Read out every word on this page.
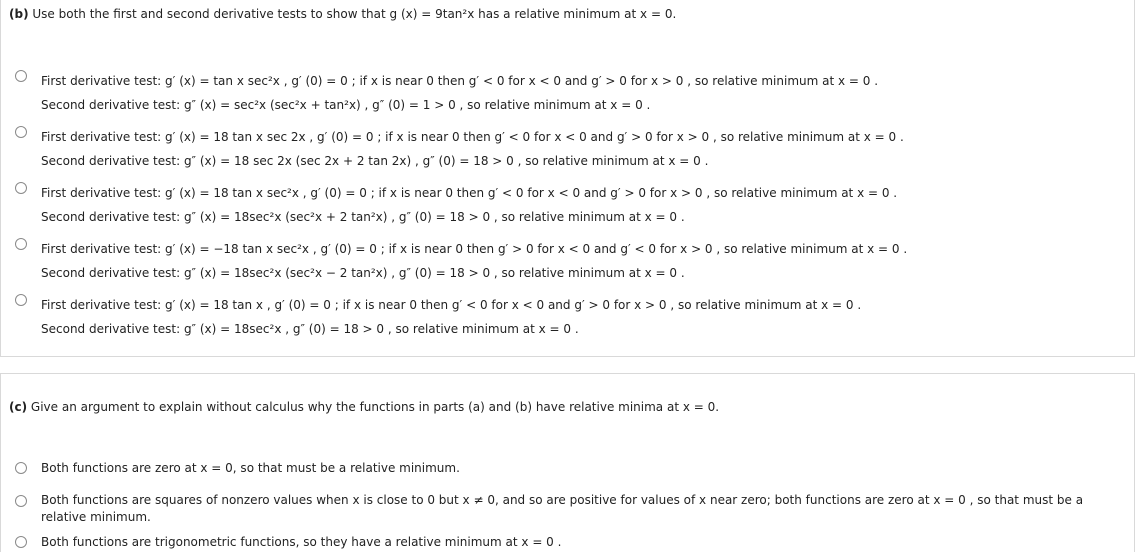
(b) Use both the first and second derivative tests to show that g (x) = 9tan²x has a relative minimum at x = 0.
First derivative test: g′ (x) = tan x sec²x , g′ (0) = 0 ; if x is near 0 then g′ < 0 for x < 0 and g′ > 0 for x > 0 , so relative minimum at x = 0 .
Second derivative test: g″ (x) = sec²x (sec²x + tan²x) , g″ (0) = 1 > 0 , so relative minimum at x = 0 .
First derivative test: g′ (x) = 18 tan x sec 2x , g′ (0) = 0 ; if x is near 0 then g′ < 0 for x < 0 and g′ > 0 for x > 0 , so relative minimum at x = 0 .
Second derivative test: g″ (x) = 18 sec 2x (sec 2x + 2 tan 2x) , g″ (0) = 18 > 0 , so relative minimum at x = 0 .
First derivative test: g′ (x) = 18 tan x sec²x , g′ (0) = 0 ; if x is near 0 then g′ < 0 for x < 0 and g′ > 0 for x > 0 , so relative minimum at x = 0 .
Second derivative test: g″ (x) = 18sec²x (sec²x + 2 tan²x) , g″ (0) = 18 > 0 , so relative minimum at x = 0 .
First derivative test: g′ (x) = −18 tan x sec²x , g′ (0) = 0 ; if x is near 0 then g′ > 0 for x < 0 and g′ < 0 for x > 0 , so relative minimum at x = 0 .
Second derivative test: g″ (x) = 18sec²x (sec²x − 2 tan²x) , g″ (0) = 18 > 0 , so relative minimum at x = 0 .
First derivative test: g′ (x) = 18 tan x , g′ (0) = 0 ; if x is near 0 then g′ < 0 for x < 0 and g′ > 0 for x > 0 , so relative minimum at x = 0 .
Second derivative test: g″ (x) = 18sec²x , g″ (0) = 18 > 0 , so relative minimum at x = 0 .
(c) Give an argument to explain without calculus why the functions in parts (a) and (b) have relative minima at x = 0.
Both functions are zero at x = 0, so that must be a relative minimum.
Both functions are squares of nonzero values when x is close to 0 but x ≠ 0, and so are positive for values of x near zero; both functions are zero at x = 0 , so that must be a relative minimum.
Both functions are trigonometric functions, so they have a relative minimum at x = 0 .
